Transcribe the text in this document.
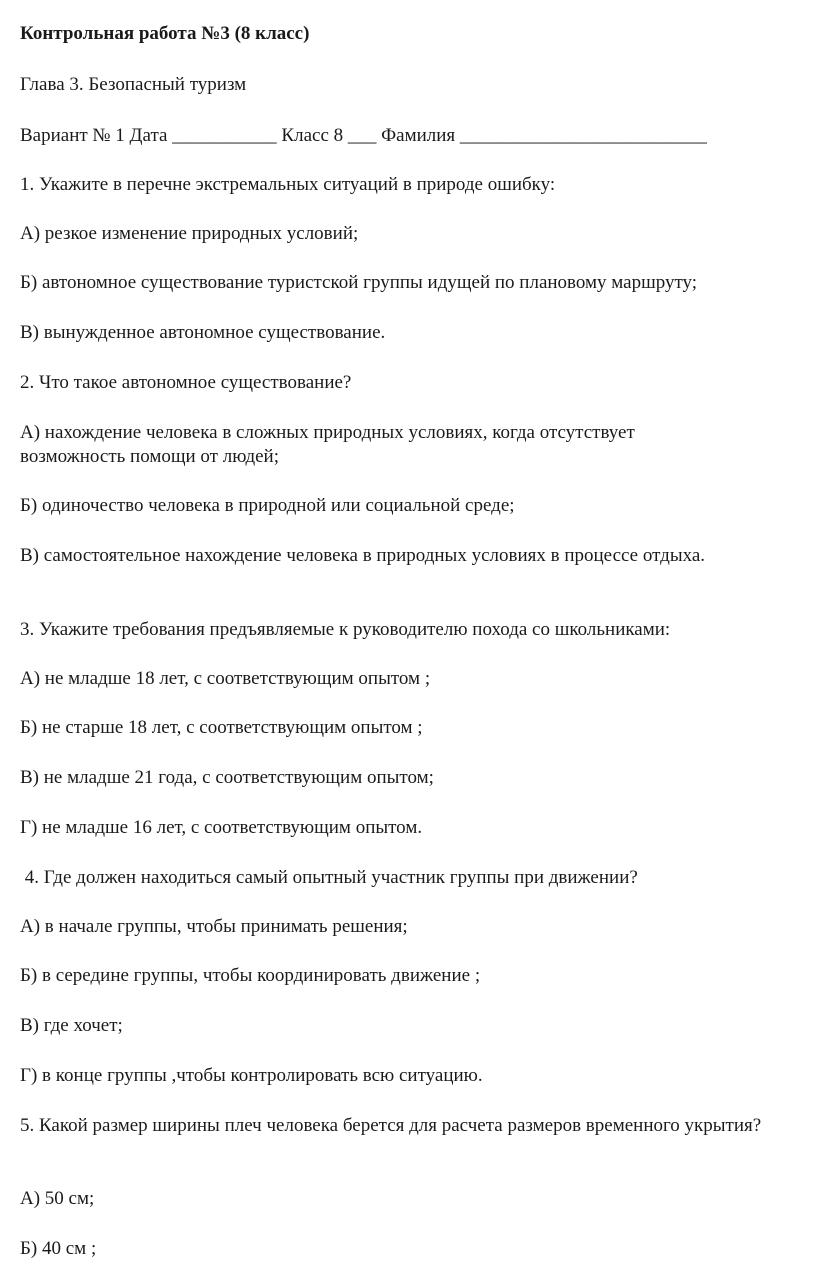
Контрольная работа №3 (8 класс)
Глава 3. Безопасный туризм
Вариант № 1 Дата ___________ Класс 8 ___ Фамилия __________________________
1. Укажите в перечне экстремальных ситуаций в природе ошибку:
А) резкое изменение природных условий;
Б) автономное существование туристской группы идущей по плановому маршруту;
В) вынужденное автономное существование.
2. Что такое автономное существование?
А) нахождение человека в сложных природных условиях, когда отсутствует возможность помощи от людей;
Б) одиночество человека в природной или социальной среде;
В) самостоятельное нахождение человека в природных условиях в процессе отдыха.
3. Укажите требования предъявляемые к руководителю похода со школьниками:
А) не младше 18 лет, с соответствующим опытом ;
Б) не старше 18 лет, с соответствующим опытом ;
В) не младше 21 года, с соответствующим опытом;
Г) не младше 16 лет, с соответствующим опытом.
4. Где должен находиться самый опытный участник группы при движении?
А) в начале группы, чтобы принимать решения;
Б) в середине группы, чтобы координировать движение ;
В) где хочет;
Г) в конце группы ,чтобы контролировать всю ситуацию.
5. Какой размер ширины плеч человека берется для расчета размеров временного укрытия?
А) 50 см;
Б) 40 см ;
